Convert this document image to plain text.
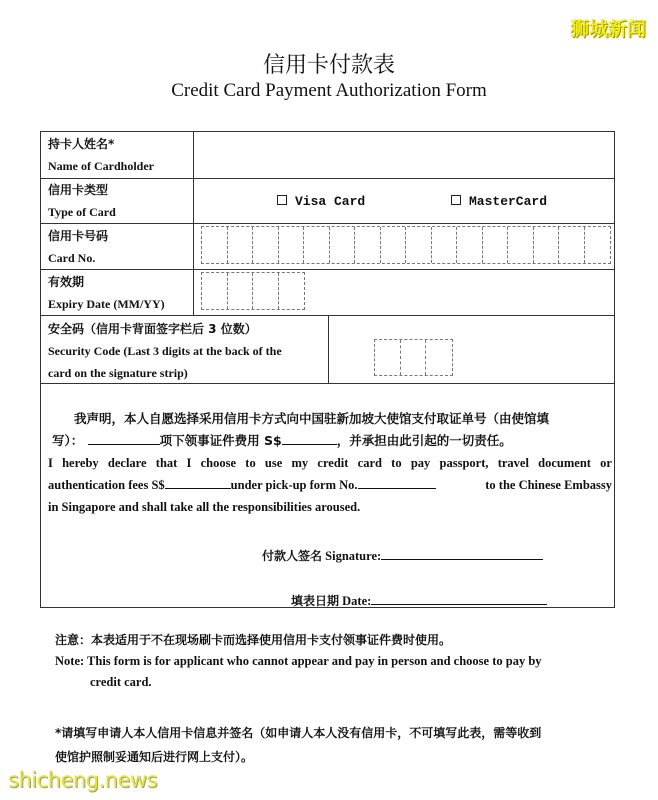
狮城新闻
信用卡付款表
Credit Card Payment Authorization Form
持卡人姓名*
Name of Cardholder
信用卡类型
Type of Card
Visa Card	MasterCard
信用卡号码
Card No.
有效期
Expiry Date (MM/YY)
安全码（信用卡背面签字栏后 3 位数）
Security Code (Last 3 digits at the back of the
card on the signature strip)
我声明，本人自愿选择采用信用卡方式向中国驻新加坡大使馆支付取证单号（由使馆填
写）：	项下领事证件费用 S$	，并承担由此引起的一切责任。
I hereby declare that I choose to use my credit card to pay passport, travel document or
authentication fees S$	under pick-up form No.	to the Chinese Embassy
in Singapore and shall take all the responsibilities aroused.
付款人签名 Signature:
填表日期 Date:
注意：本表适用于不在现场刷卡而选择使用信用卡支付领事证件费时使用。
Note: This form is for applicant who cannot appear and pay in person and choose to pay by
credit card.
*请填写申请人本人信用卡信息并签名（如申请人本人没有信用卡，不可填写此表，需等收到
使馆护照制妥通知后进行网上支付）。
shicheng.news
